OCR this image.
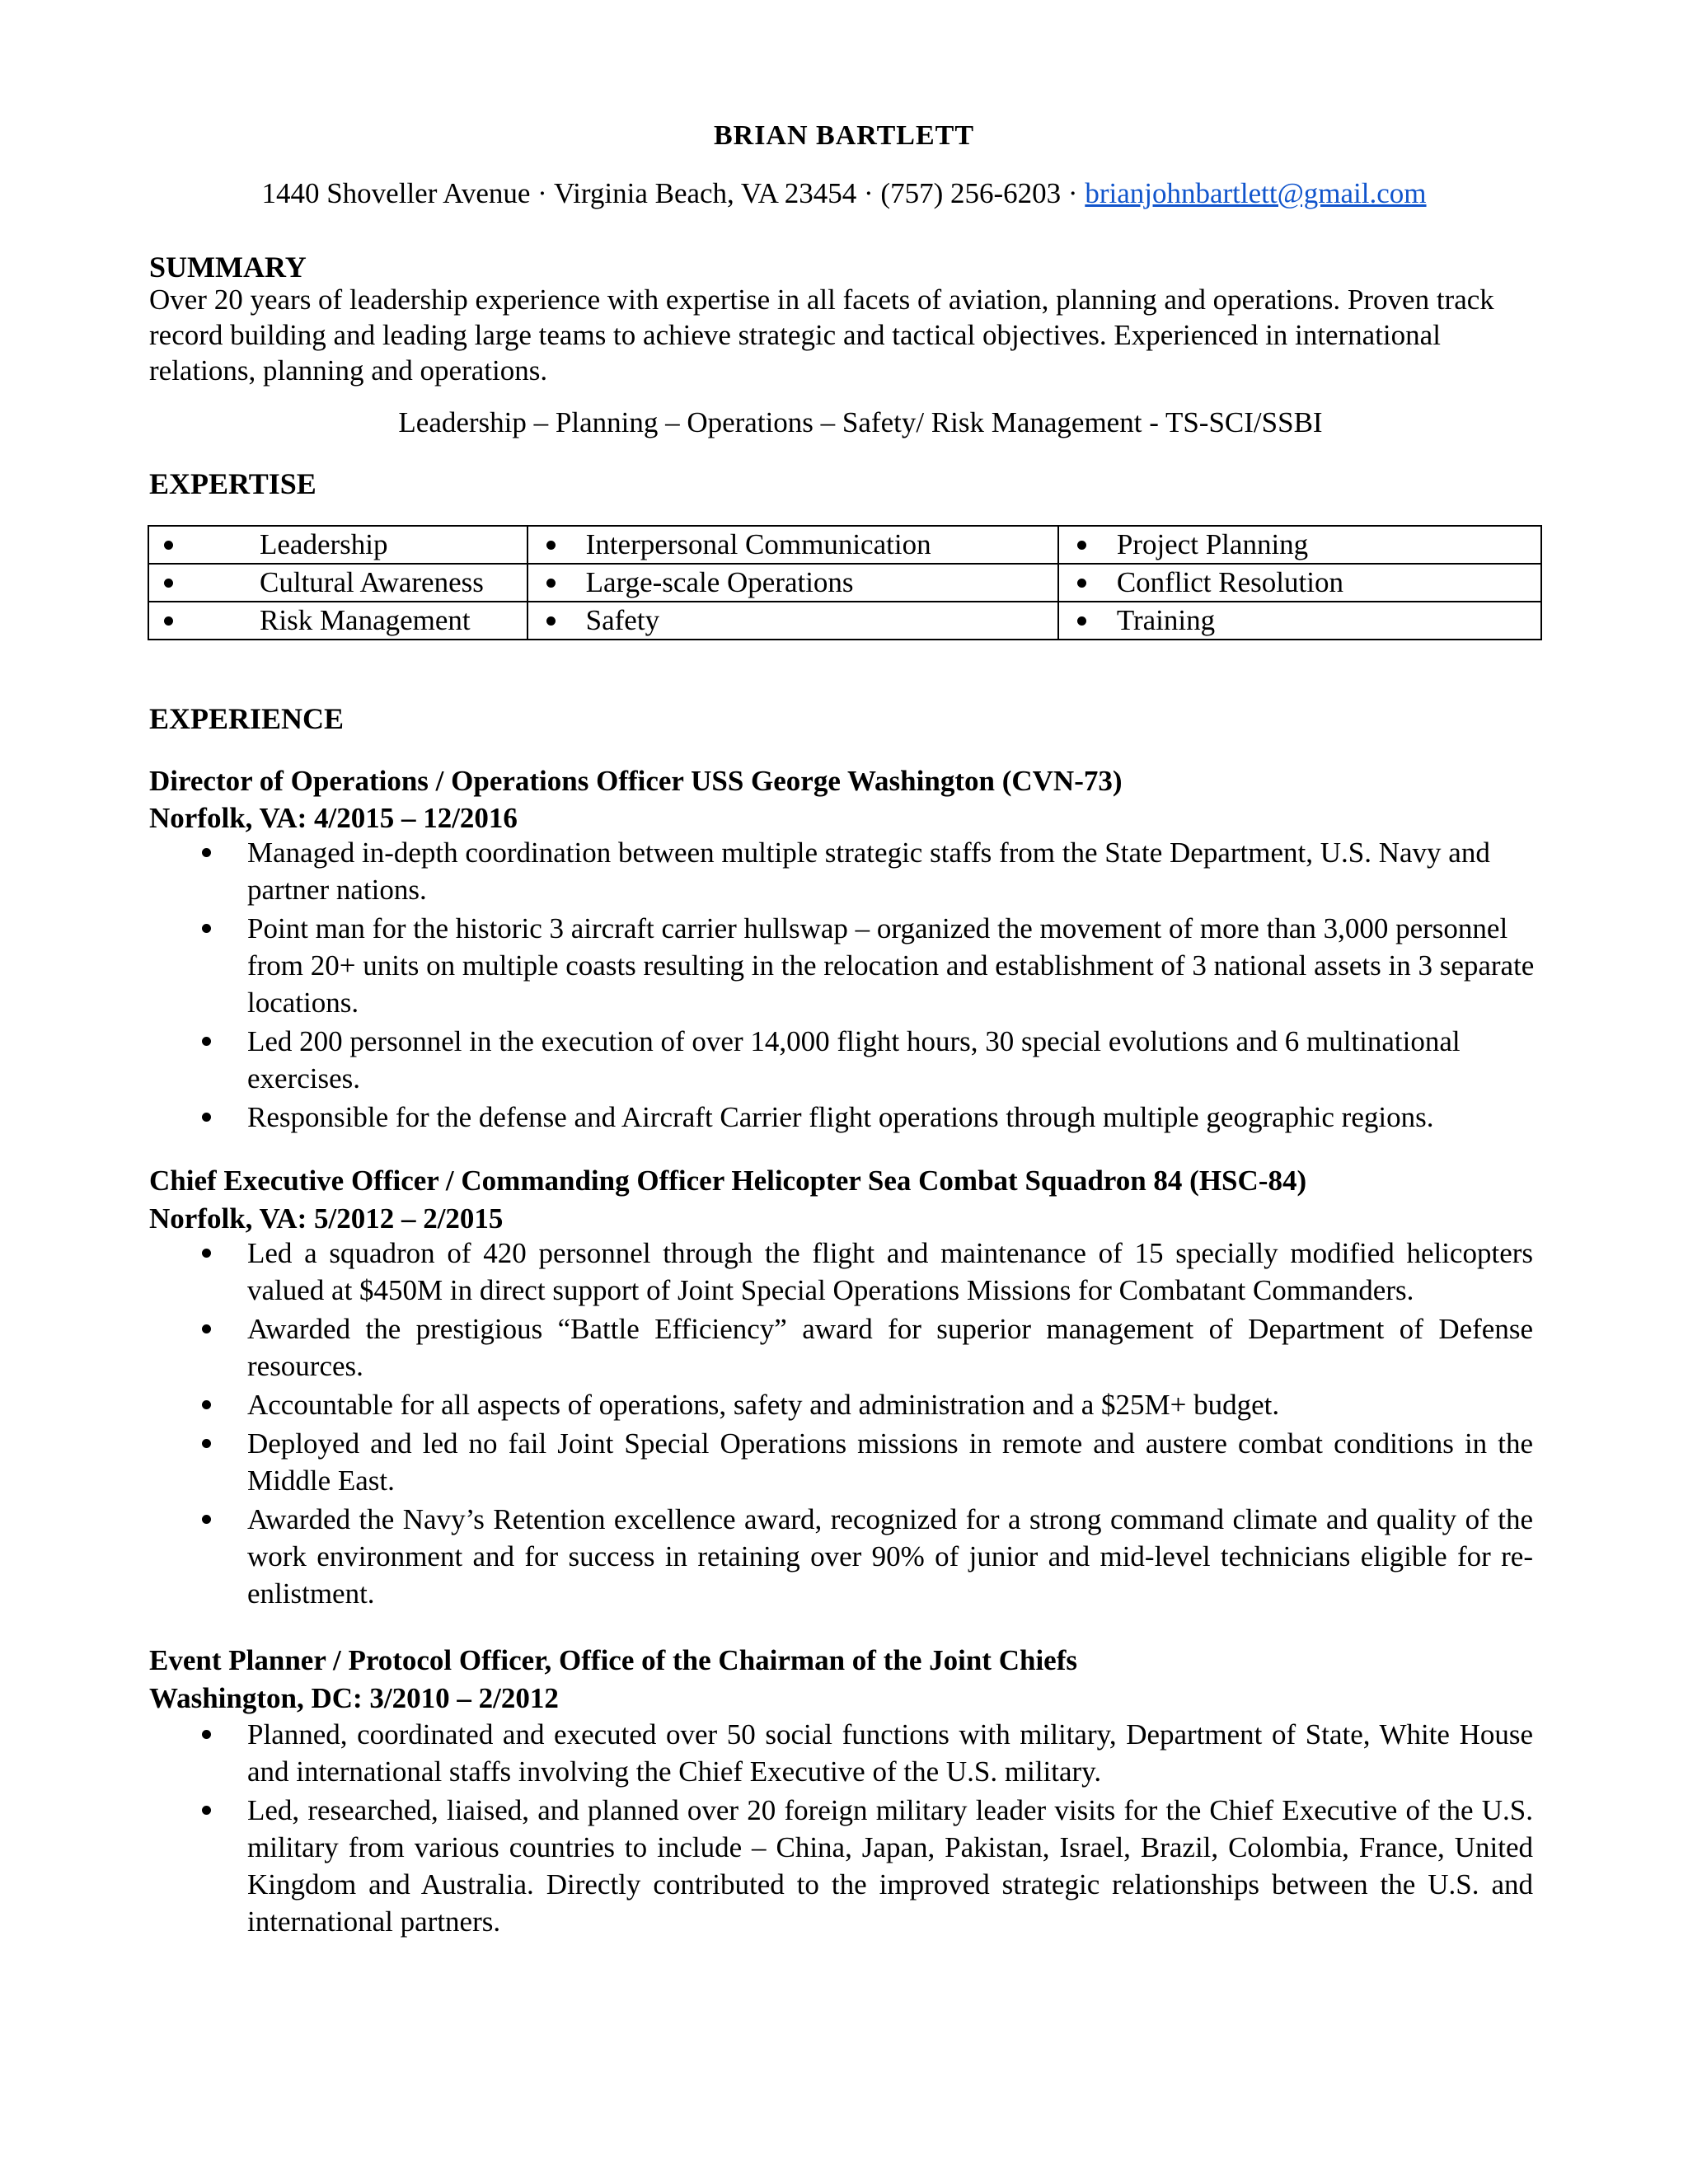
BRIAN BARTLETT
1440 Shoveller Avenue · Virginia Beach, VA 23454 · (757) 256-6203 · brianjohnbartlett@gmail.com
SUMMARY
Over 20 years of leadership experience with expertise in all facets of aviation, planning and operations. Proven track record building and leading large teams to achieve strategic and tactical objectives. Experienced in international relations, planning and operations.
Leadership – Planning – Operations – Safety/ Risk Management - TS-SCI/SSBI
EXPERTISE
Leadership	Interpersonal Communication	Project Planning

Cultural Awareness	Large-scale Operations	Conflict Resolution

Risk Management	Safety	Training
EXPERIENCE
Director of Operations / Operations Officer USS George Washington (CVN-73)
Norfolk, VA: 4/2015 – 12/2016
Managed in-depth coordination between multiple strategic staffs from the State Department, U.S. Navy and partner nations.
Point man for the historic 3 aircraft carrier hullswap – organized the movement of more than 3,000 personnel from 20+ units on multiple coasts resulting in the relocation and establishment of 3 national assets in 3 separate locations.
Led 200 personnel in the execution of over 14,000 flight hours, 30 special evolutions and 6 multinational exercises.
Responsible for the defense and Aircraft Carrier flight operations through multiple geographic regions.
Chief Executive Officer / Commanding Officer Helicopter Sea Combat Squadron 84 (HSC-84)
Norfolk, VA: 5/2012 – 2/2015
Led a squadron of 420 personnel through the flight and maintenance of 15 specially modified helicopters valued at $450M in direct support of Joint Special Operations Missions for Combatant Commanders.
Awarded the prestigious “Battle Efficiency” award for superior management of Department of Defense resources.
Accountable for all aspects of operations, safety and administration and a $25M+ budget.
Deployed and led no fail Joint Special Operations missions in remote and austere combat conditions in the Middle East.
Awarded the Navy’s Retention excellence award, recognized for a strong command climate and quality of the work environment and for success in retaining over 90% of junior and mid-level technicians eligible for re-enlistment.
Event Planner / Protocol Officer, Office of the Chairman of the Joint Chiefs
Washington, DC: 3/2010 – 2/2012
Planned, coordinated and executed over 50 social functions with military, Department of State, White House and international staffs involving the Chief Executive of the U.S. military.
Led, researched, liaised, and planned over 20 foreign military leader visits for the Chief Executive of the U.S. military from various countries to include – China, Japan, Pakistan, Israel, Brazil, Colombia, France, United Kingdom and Australia. Directly contributed to the improved strategic relationships between the U.S. and international partners.
